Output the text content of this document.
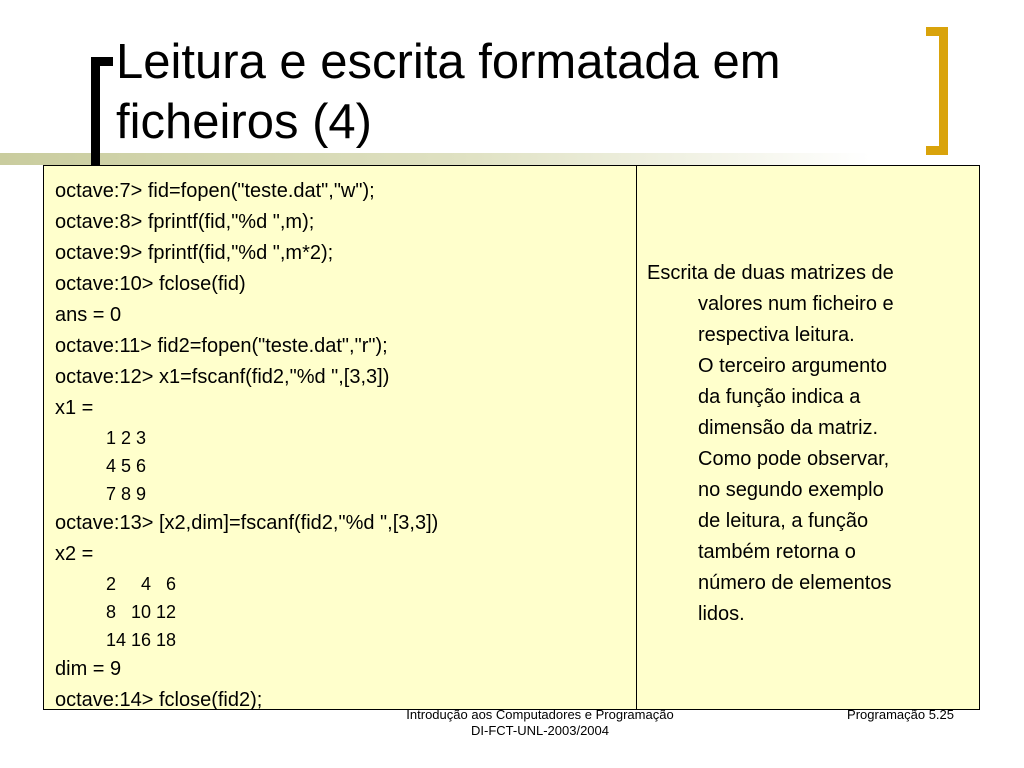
Leitura e escrita formatada em
ficheiros (4)
octave:7> fid=fopen("teste.dat","w");
octave:8> fprintf(fid,"%d ",m);
octave:9> fprintf(fid,"%d ",m*2);
octave:10> fclose(fid)
ans = 0
octave:11> fid2=fopen("teste.dat","r");
octave:12> x1=fscanf(fid2,"%d ",[3,3])
x1 =
1 2 3
4 5 6
7 8 9
octave:13> [x2,dim]=fscanf(fid2,"%d ",[3,3])
x2 =
2     4   6
8   10 12
14 16 18
dim = 9
octave:14> fclose(fid2);
Escrita de duas matrizes de
valores num ficheiro e
respectiva leitura.
O terceiro argumento
da função indica a
dimensão da matriz.
Como pode observar,
no segundo exemplo
de leitura, a função
também retorna o
número de elementos
lidos.
Introdução aos Computadores e Programação
DI-FCT-UNL-2003/2004
Programação 5.25
